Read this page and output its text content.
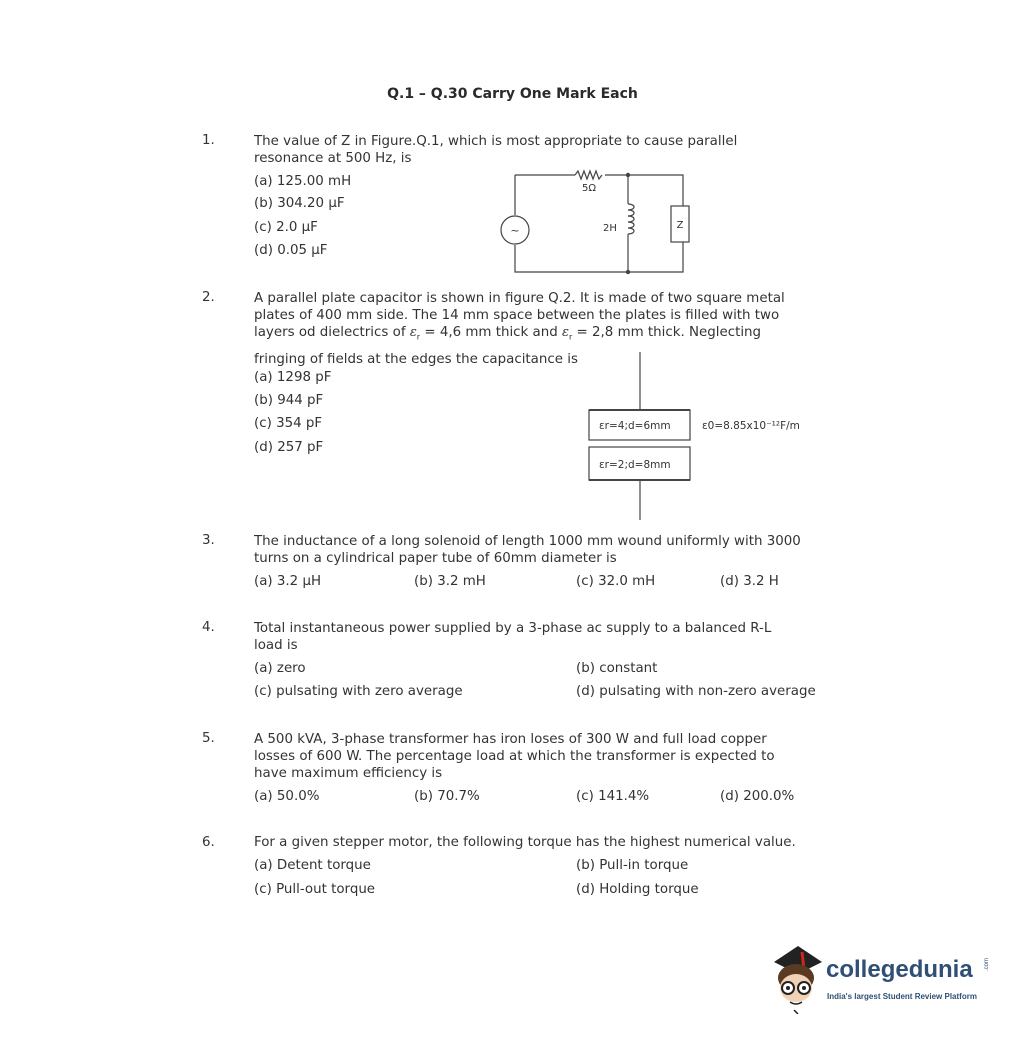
Q.1 – Q.30 Carry One Mark Each
1.	The value of Z in Figure.Q.1, which is most appropriate to cause parallel
resonance at 500 Hz, is
(a) 125.00 mH
(b) 304.20 μF
(c) 2.0 μF
(d) 0.05 μF
~
5Ω
2H	Z
2.	A parallel plate capacitor is shown in figure Q.2. It is made of two square metal
plates of 400 mm side. The 14 mm space between the plates is filled with two
layers od dielectrics of $\varepsilon_r = 4,6$ mm thick and $\varepsilon_r = 2,8$ mm thick. Neglecting
fringing of fields at the edges the capacitance is
(a) 1298 pF
(b) 944 pF
(c) 354 pF
(d) 257 pF
εr=4;d=6mm
εr=2;d=8mm
ε0=8.85x10⁻¹²F/m
3.	The inductance of a long solenoid of length 1000 mm wound uniformly with 3000
turns on a cylindrical paper tube of 60mm diameter is
(a) 3.2 μH	(b) 3.2 mH	(c) 32.0 mH	(d) 3.2 H
4.	Total instantaneous power supplied by a 3-phase ac supply to a balanced R-L
load is
(a) zero	(b) constant
(c) pulsating with zero average	(d) pulsating with non-zero average
5.	A 500 kVA, 3-phase transformer has iron loses of 300 W and full load copper
losses of 600 W. The percentage load at which the transformer is expected to
have maximum efficiency is
(a) 50.0%	(b) 70.7%	(c) 141.4%	(d) 200.0%
6.	For a given stepper motor, the following torque has the highest numerical value.
(a) Detent torque	(b) Pull-in torque
(c) Pull-out torque	(d) Holding torque
collegedunia .com
India's largest Student Review Platform
